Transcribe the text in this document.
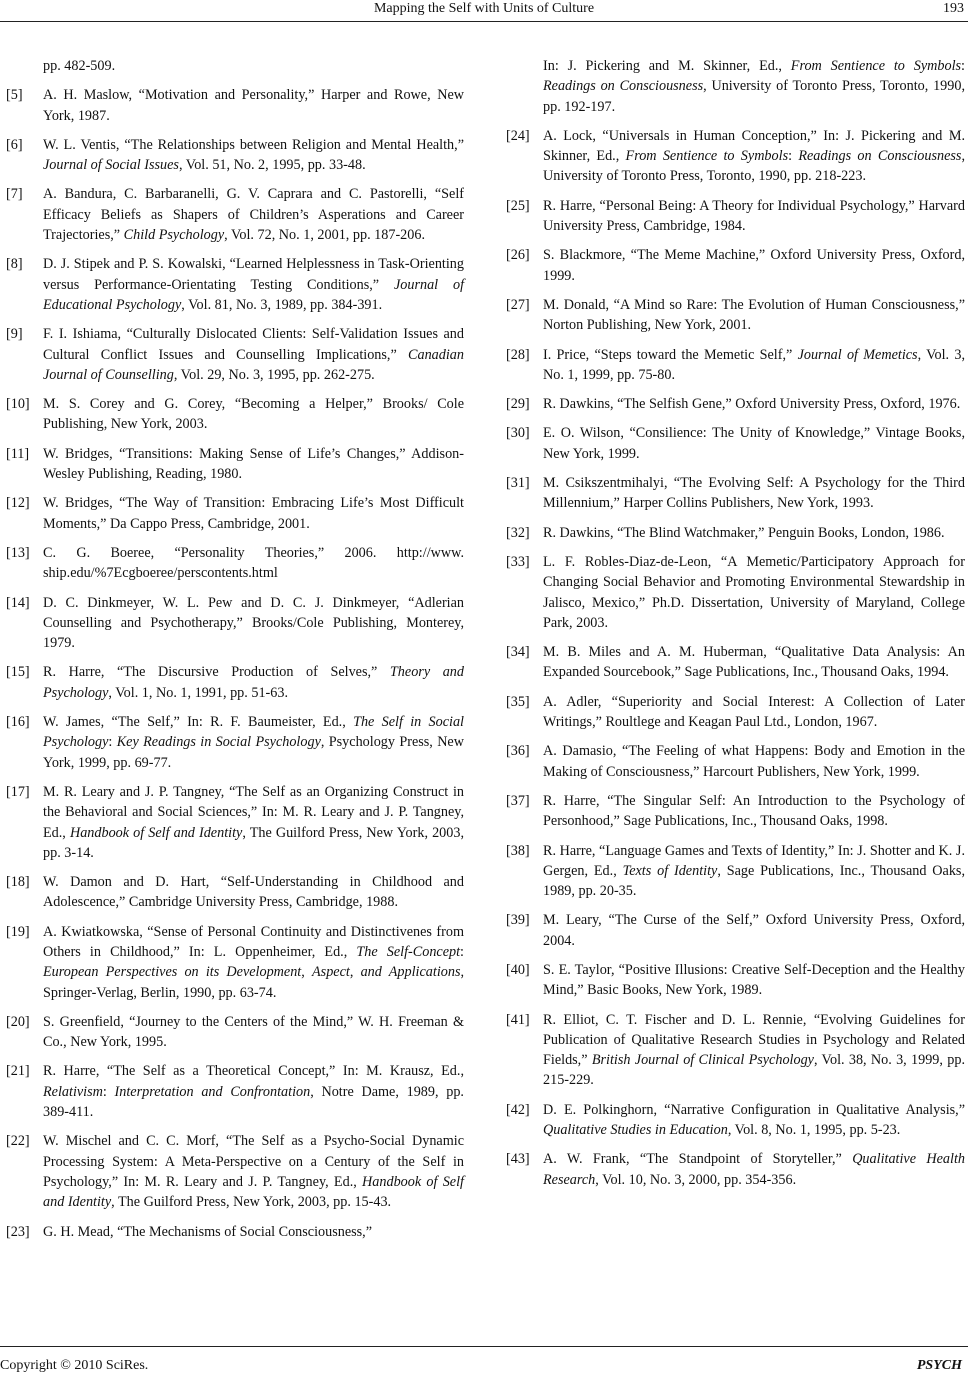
Mapping the Self with Units of Culture	193
pp. 482-509.
[5] A. H. Maslow, “Motivation and Personality,” Harper and Rowe, New York, 1987.
[6] W. L. Ventis, “The Relationships between Religion and Mental Health,” Journal of Social Issues, Vol. 51, No. 2, 1995, pp. 33-48.
[7] A. Bandura, C. Barbaranelli, G. V. Caprara and C. Pastorelli, “Self Efficacy Beliefs as Shapers of Children’s Asperations and Career Trajectories,” Child Psychology, Vol. 72, No. 1, 2001, pp. 187-206.
[8] D. J. Stipek and P. S. Kowalski, “Learned Helplessness in Task-Orienting versus Performance-Orientating Testing Conditions,” Journal of Educational Psychology, Vol. 81, No. 3, 1989, pp. 384-391.
[9] F. I. Ishiama, “Culturally Dislocated Clients: Self-Validation Issues and Cultural Conflict Issues and Counselling Implications,” Canadian Journal of Counselling, Vol. 29, No. 3, 1995, pp. 262-275.
[10] M. S. Corey and G. Corey, “Becoming a Helper,” Brooks/ Cole Publishing, New York, 2003.
[11] W. Bridges, “Transitions: Making Sense of Life’s Changes,” Addison-Wesley Publishing, Reading, 1980.
[12] W. Bridges, “The Way of Transition: Embracing Life’s Most Difficult Moments,” Da Cappo Press, Cambridge, 2001.
[13] C. G. Boeree, “Personality Theories,” 2006. http://www. ship.edu/%7Ecgboeree/perscontents.html
[14] D. C. Dinkmeyer, W. L. Pew and D. C. J. Dinkmeyer, “Adlerian Counselling and Psychotherapy,” Brooks/Cole Publishing, Monterey, 1979.
[15] R. Harre, “The Discursive Production of Selves,” Theory and Psychology, Vol. 1, No. 1, 1991, pp. 51-63.
[16] W. James, “The Self,” In: R. F. Baumeister, Ed., The Self in Social Psychology: Key Readings in Social Psychology, Psychology Press, New York, 1999, pp. 69-77.
[17] M. R. Leary and J. P. Tangney, “The Self as an Organizing Construct in the Behavioral and Social Sciences,” In: M. R. Leary and J. P. Tangney, Ed., Handbook of Self and Identity, The Guilford Press, New York, 2003, pp. 3-14.
[18] W. Damon and D. Hart, “Self-Understanding in Childhood and Adolescence,” Cambridge University Press, Cambridge, 1988.
[19] A. Kwiatkowska, “Sense of Personal Continuity and Distinctivenes from Others in Childhood,” In: L. Oppenheimer, Ed., The Self-Concept: European Perspectives on its Development, Aspect, and Applications, Springer-Verlag, Berlin, 1990, pp. 63-74.
[20] S. Greenfield, “Journey to the Centers of the Mind,” W. H. Freeman & Co., New York, 1995.
[21] R. Harre, “The Self as a Theoretical Concept,” In: M. Krausz, Ed., Relativism: Interpretation and Confrontation, Notre Dame, 1989, pp. 389-411.
[22] W. Mischel and C. C. Morf, “The Self as a Psycho-Social Dynamic Processing System: A Meta-Perspective on a Century of the Self in Psychology,” In: M. R. Leary and J. P. Tangney, Ed., Handbook of Self and Identity, The Guilford Press, New York, 2003, pp. 15-43.
[23] G. H. Mead, “The Mechanisms of Social Consciousness,”
In: J. Pickering and M. Skinner, Ed., From Sentience to Symbols: Readings on Consciousness, University of Toronto Press, Toronto, 1990, pp. 192-197.
[24] A. Lock, “Universals in Human Conception,” In: J. Pickering and M. Skinner, Ed., From Sentience to Symbols: Readings on Consciousness, University of Toronto Press, Toronto, 1990, pp. 218-223.
[25] R. Harre, “Personal Being: A Theory for Individual Psychology,” Harvard University Press, Cambridge, 1984.
[26] S. Blackmore, “The Meme Machine,” Oxford University Press, Oxford, 1999.
[27] M. Donald, “A Mind so Rare: The Evolution of Human Consciousness,” Norton Publishing, New York, 2001.
[28] I. Price, “Steps toward the Memetic Self,” Journal of Memetics, Vol. 3, No. 1, 1999, pp. 75-80.
[29] R. Dawkins, “The Selfish Gene,” Oxford University Press, Oxford, 1976.
[30] E. O. Wilson, “Consilience: The Unity of Knowledge,” Vintage Books, New York, 1999.
[31] M. Csikszentmihalyi, “The Evolving Self: A Psychology for the Third Millennium,” Harper Collins Publishers, New York, 1993.
[32] R. Dawkins, “The Blind Watchmaker,” Penguin Books, London, 1986.
[33] L. F. Robles-Diaz-de-Leon, “A Memetic/Participatory Approach for Changing Social Behavior and Promoting Environmental Stewardship in Jalisco, Mexico,” Ph.D. Dissertation, University of Maryland, College Park, 2003.
[34] M. B. Miles and A. M. Huberman, “Qualitative Data Analysis: An Expanded Sourcebook,” Sage Publications, Inc., Thousand Oaks, 1994.
[35] A. Adler, “Superiority and Social Interest: A Collection of Later Writings,” Roultlege and Keagan Paul Ltd., London, 1967.
[36] A. Damasio, “The Feeling of what Happens: Body and Emotion in the Making of Consciousness,” Harcourt Publishers, New York, 1999.
[37] R. Harre, “The Singular Self: An Introduction to the Psychology of Personhood,” Sage Publications, Inc., Thousand Oaks, 1998.
[38] R. Harre, “Language Games and Texts of Identity,” In: J. Shotter and K. J. Gergen, Ed., Texts of Identity, Sage Publications, Inc., Thousand Oaks, 1989, pp. 20-35.
[39] M. Leary, “The Curse of the Self,” Oxford University Press, Oxford, 2004.
[40] S. E. Taylor, “Positive Illusions: Creative Self-Deception and the Healthy Mind,” Basic Books, New York, 1989.
[41] R. Elliot, C. T. Fischer and D. L. Rennie, “Evolving Guidelines for Publication of Qualitative Research Studies in Psychology and Related Fields,” British Journal of Clinical Psychology, Vol. 38, No. 3, 1999, pp. 215-229.
[42] D. E. Polkinghorn, “Narrative Configuration in Qualitative Analysis,” Qualitative Studies in Education, Vol. 8, No. 1, 1995, pp. 5-23.
[43] A. W. Frank, “The Standpoint of Storyteller,” Qualitative Health Research, Vol. 10, No. 3, 2000, pp. 354-356.
Copyright © 2010 SciRes.	PSYCH
